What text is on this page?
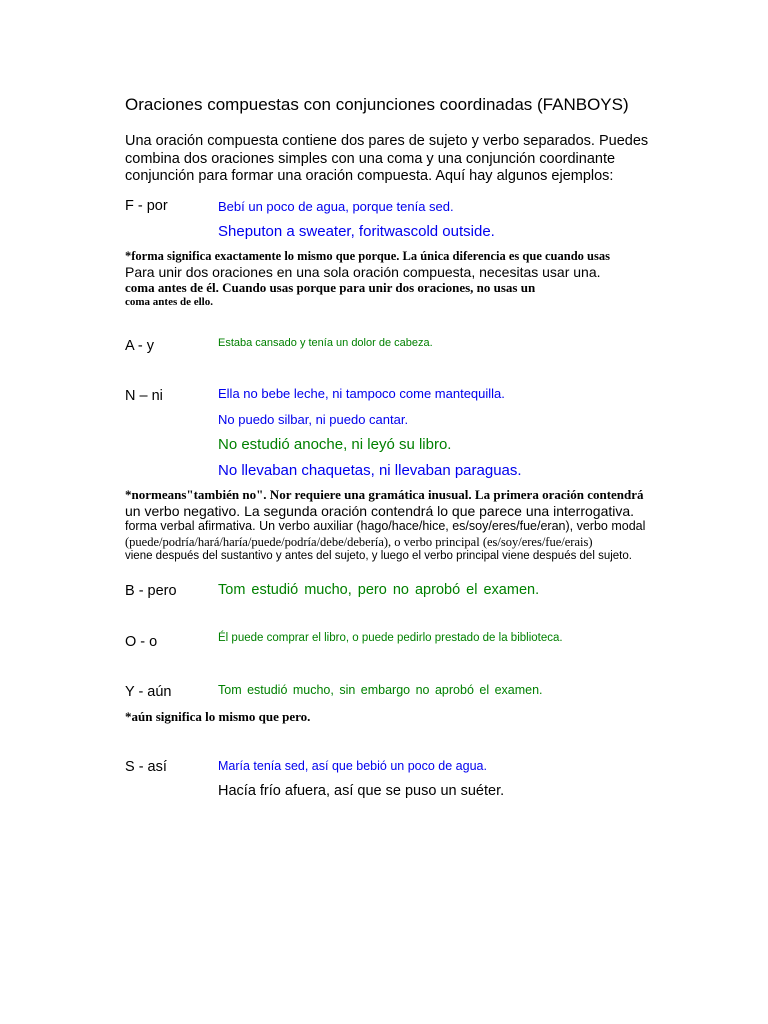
Oraciones compuestas con conjunciones coordinadas (FANBOYS)
Una oración compuesta contiene dos pares de sujeto y verbo separados. Puedes
combina dos oraciones simples con una coma y una conjunción coordinante
conjunción para formar una oración compuesta. Aquí hay algunos ejemplos:
F - por	Bebí un poco de agua, porque tenía sed.
Sheputon a sweater, foritwascold outside.
*forma significa exactamente lo mismo que porque. La única diferencia es que cuando usas
Para unir dos oraciones en una sola oración compuesta, necesitas usar una.
coma antes de él. Cuando usas porque para unir dos oraciones, no usas un
coma antes de ello.
A - y	Estaba cansado y tenía un dolor de cabeza.
N – ni	Ella no bebe leche, ni tampoco come mantequilla.
No puedo silbar, ni puedo cantar.
No estudió anoche, ni leyó su libro.
No llevaban chaquetas, ni llevaban paraguas.
*normeans"también no". Nor requiere una gramática inusual. La primera oración contendrá
un verbo negativo. La segunda oración contendrá lo que parece una interrogativa.
forma verbal afirmativa. Un verbo auxiliar (hago/hace/hice, es/soy/eres/fue/eran), verbo modal
(puede/podría/hará/haría/puede/podría/debe/debería), o verbo principal (es/soy/eres/fue/erais)
viene después del sustantivo y antes del sujeto, y luego el verbo principal viene después del sujeto.
B - pero	Tom estudió mucho, pero no aprobó el examen.
O - o	Él puede comprar el libro, o puede pedirlo prestado de la biblioteca.
Y - aún	Tom estudió mucho, sin embargo no aprobó el examen.
*aún significa lo mismo que pero.
S - así	María tenía sed, así que bebió un poco de agua.
Hacía frío afuera, así que se puso un suéter.
